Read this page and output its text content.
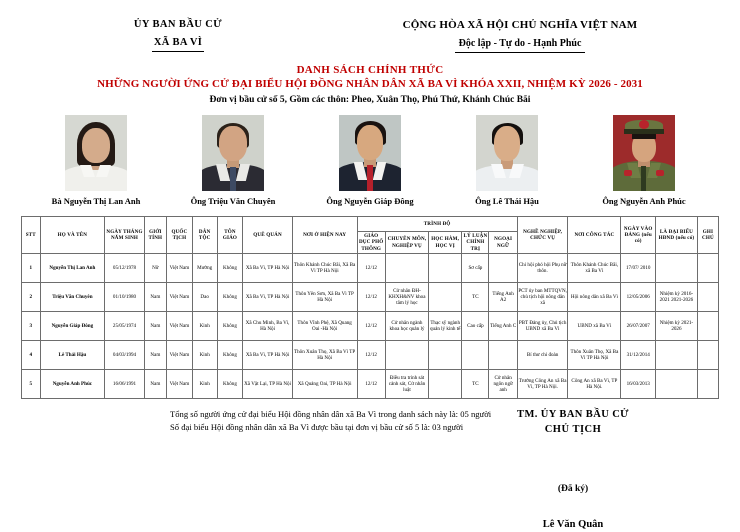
ỦY BAN BẦU CỬ
XÃ BA VÌ
CỘNG HÒA XÃ HỘI CHỦ NGHĨA VIỆT NAM
Độc lập - Tự do - Hạnh Phúc
DANH SÁCH CHÍNH THỨC
NHỮNG NGƯỜI ỨNG CỬ ĐẠI BIỂU HỘI ĐỒNG NHÂN DÂN XÃ BA VÌ KHÓA XXII, NHIỆM KỲ 2026 - 2031
Đơn vị bầu cử số 5, Gồm các thôn: Pheo, Xuân Thọ, Phú Thứ, Khánh Chúc Bãi
Bà Nguyễn Thị Lan Anh	Ông Triệu Văn Chuyên	Ông Nguyễn Giáp Đông	Ông Lê Thái Hậu	Ông Nguyễn Anh Phúc
STT	HỌ VÀ TÊN	NGÀY THÁNG NĂM SINH	GIỚI TÍNH	QUỐC TỊCH	DÂN TỘC	TÔN GIÁO	QUÊ QUÁN	NƠI Ở HIỆN NAY	TRÌNH ĐỘ					NGHỀ NGHIỆP, CHỨC VỤ	NƠI CÔNG TÁC	NGÀY VÀO ĐẢNG (nếu có)	LÀ ĐẠI BIỂU HĐND (nếu có)	GHI CHÚ
									GIÁO DỤC PHỔ THÔNG	CHUYÊN MÔN, NGHIỆP VỤ	HỌC HÀM, HỌC VỊ	LÝ LUẬN CHÍNH TRỊ	NGOẠI NGỮ					
1	Nguyễn Thị Lan Anh	05/12/1978	Nữ	Việt Nam	Mường	Không	Xã Ba Vì, TP Hà Nội	Thôn Khánh Chúc Bãi, Xã Ba Vì TP Hà Nội	12/12			Sơ cấp		Chi hội phó hội Phụ nữ thôn.	Thôn Khánh Chúc Bãi, xã Ba Vì	17/07/ 2010		
2	Triệu Văn Chuyên	01/10/1980	Nam	Việt Nam	Dao	Không	Xã Ba Vì, TP Hà Nội	Thôn Yên Sơn, Xã Ba Vì TP Hà Nội	12/12	Cử nhân ĐH-KHXH&NV khoa tâm lý học		TC	Tiếng Anh A2	PCT ủy ban MTTQVN, chủ tịch hội nông dân xã	Hội nông dân xã Ba Vì	12/05/2006	Nhiệm kỳ 2016- 2021 2021-2026	
3	Nguyễn Giáp Đông	25/05/1974	Nam	Việt Nam	Kinh	Không	Xã Chu Minh, Ba Vì, Hà Nội	Thôn Vĩnh Phệ, Xã Quang Oai -Hà Nội	12/12	Cử nhân ngành khoa học quản lý	Thạc sỹ ngành quản lý kinh tế	Cao cấp	Tiếng Anh C	PBT Đảng ủy, Chủ tịch UBND xã Ba Vì	UBND xã Ba Vì	26/07/2007	Nhiệm kỳ 2021-2026	
4	Lê Thái Hậu	04/03/1994	Nam	Việt Nam	Kinh	Không	Xã Ba Vì, TP Hà Nội	Thôn Xuân Thọ, Xã Ba Vì TP Hà Nội	12/12					Bí thư chi đoàn	Thôn Xuân Thọ, Xã Ba Vì TP Hà Nội	31/12/2014		
5	Nguyễn Anh Phúc	16/06/1991	Nam	Việt Nam	Kinh	Không	Xã Vật Lại, TP Hà Nội	Xã Quảng Oai, TP Hà Nội	12/12	Điều tra trinh sát cảnh sát, Cử nhân luật		TC	Cử nhân ngôn ngữ anh	Trưởng Công An xã Ba Vì, TP Hà Nội.	Công An xã Ba Vì, TP Hà Nội.	16/03/2013		
Tổng số người ứng cử đại biểu Hội đồng nhân dân xã Ba Vì trong danh sách này là: 05 người
Số đại biểu Hội đồng nhân dân xã Ba Vì được bầu tại đơn vị bầu cử số 5 là: 03 người
TM. ỦY BAN BẦU CỬ
CHỦ TỊCH
(Đã ký)
Lê Văn Quân
